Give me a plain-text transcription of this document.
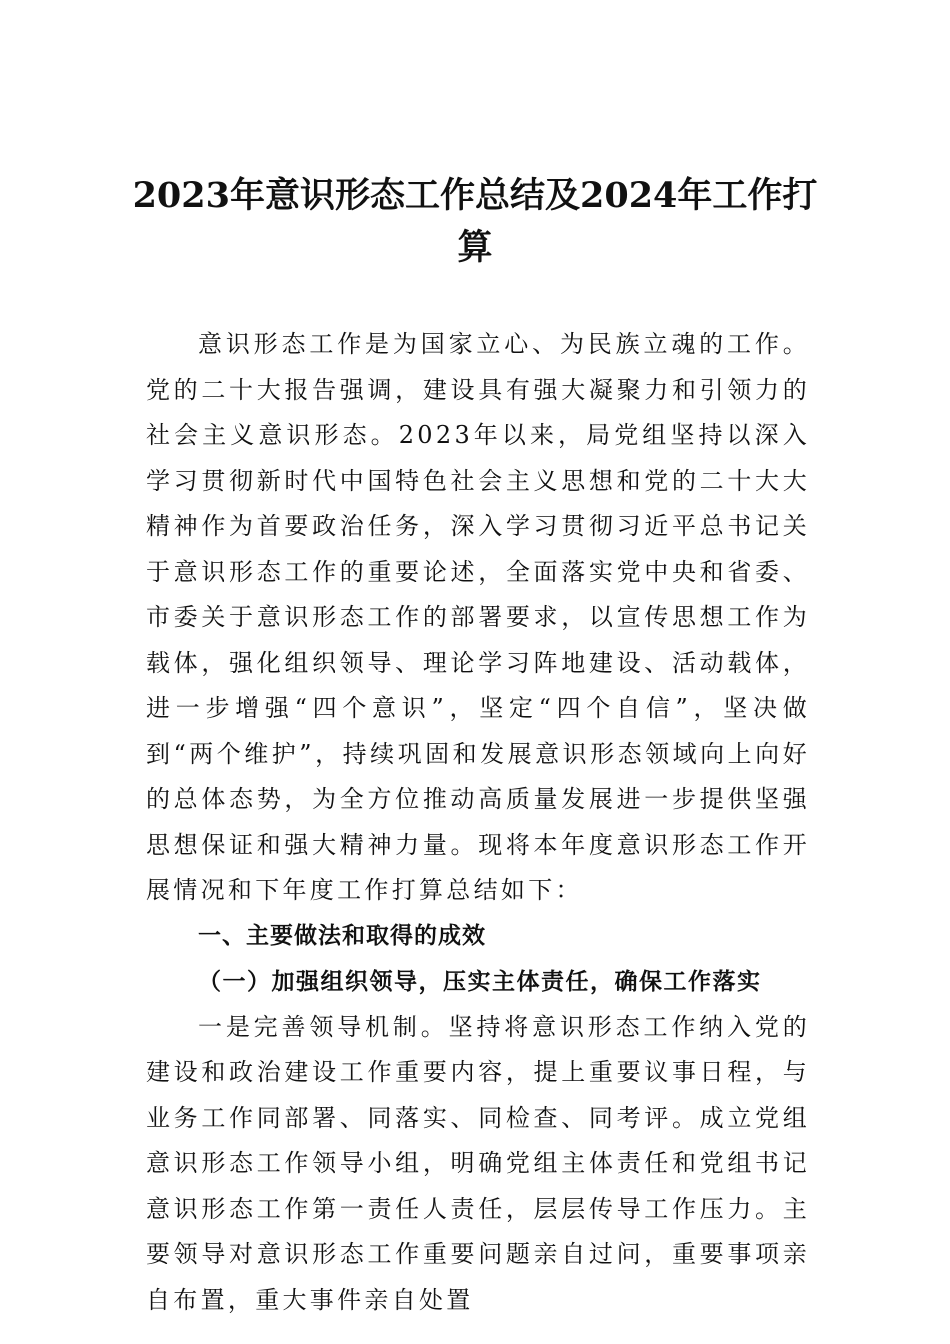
2023年意识形态工作总结及2024年工作打算

意识形态工作是为国家立心、为民族立魂的工作。党的二十大报告强调，建设具有强大凝聚力和引领力的社会主义意识形态。2023年以来，局党组坚持以深入学习贯彻新时代中国特色社会主义思想和党的二十大大精神作为首要政治任务，深入学习贯彻习近平总书记关于意识形态工作的重要论述，全面落实党中央和省委、市委关于意识形态工作的部署要求，以宣传思想工作为载体，强化组织领导、理论学习阵地建设、活动载体，进一步增强“四个意识”，坚定“四个自信”，坚决做到“两个维护”，持续巩固和发展意识形态领域向上向好的总体态势，为全方位推动高质量发展进一步提供坚强思想保证和强大精神力量。现将本年度意识形态工作开展情况和下年度工作打算总结如下：

一、主要做法和取得的成效

（一）加强组织领导，压实主体责任，确保工作落实

一是完善领导机制。坚持将意识形态工作纳入党的建设和政治建设工作重要内容，提上重要议事日程，与业务工作同部署、同落实、同检查、同考评。成立党组意识形态工作领导小组，明确党组主体责任和党组书记意识形态工作第一责任人责任，层层传导工作压力。主要领导对意识形态工作重要问题亲自过问，重要事项亲自布置，重大事件亲自处置
